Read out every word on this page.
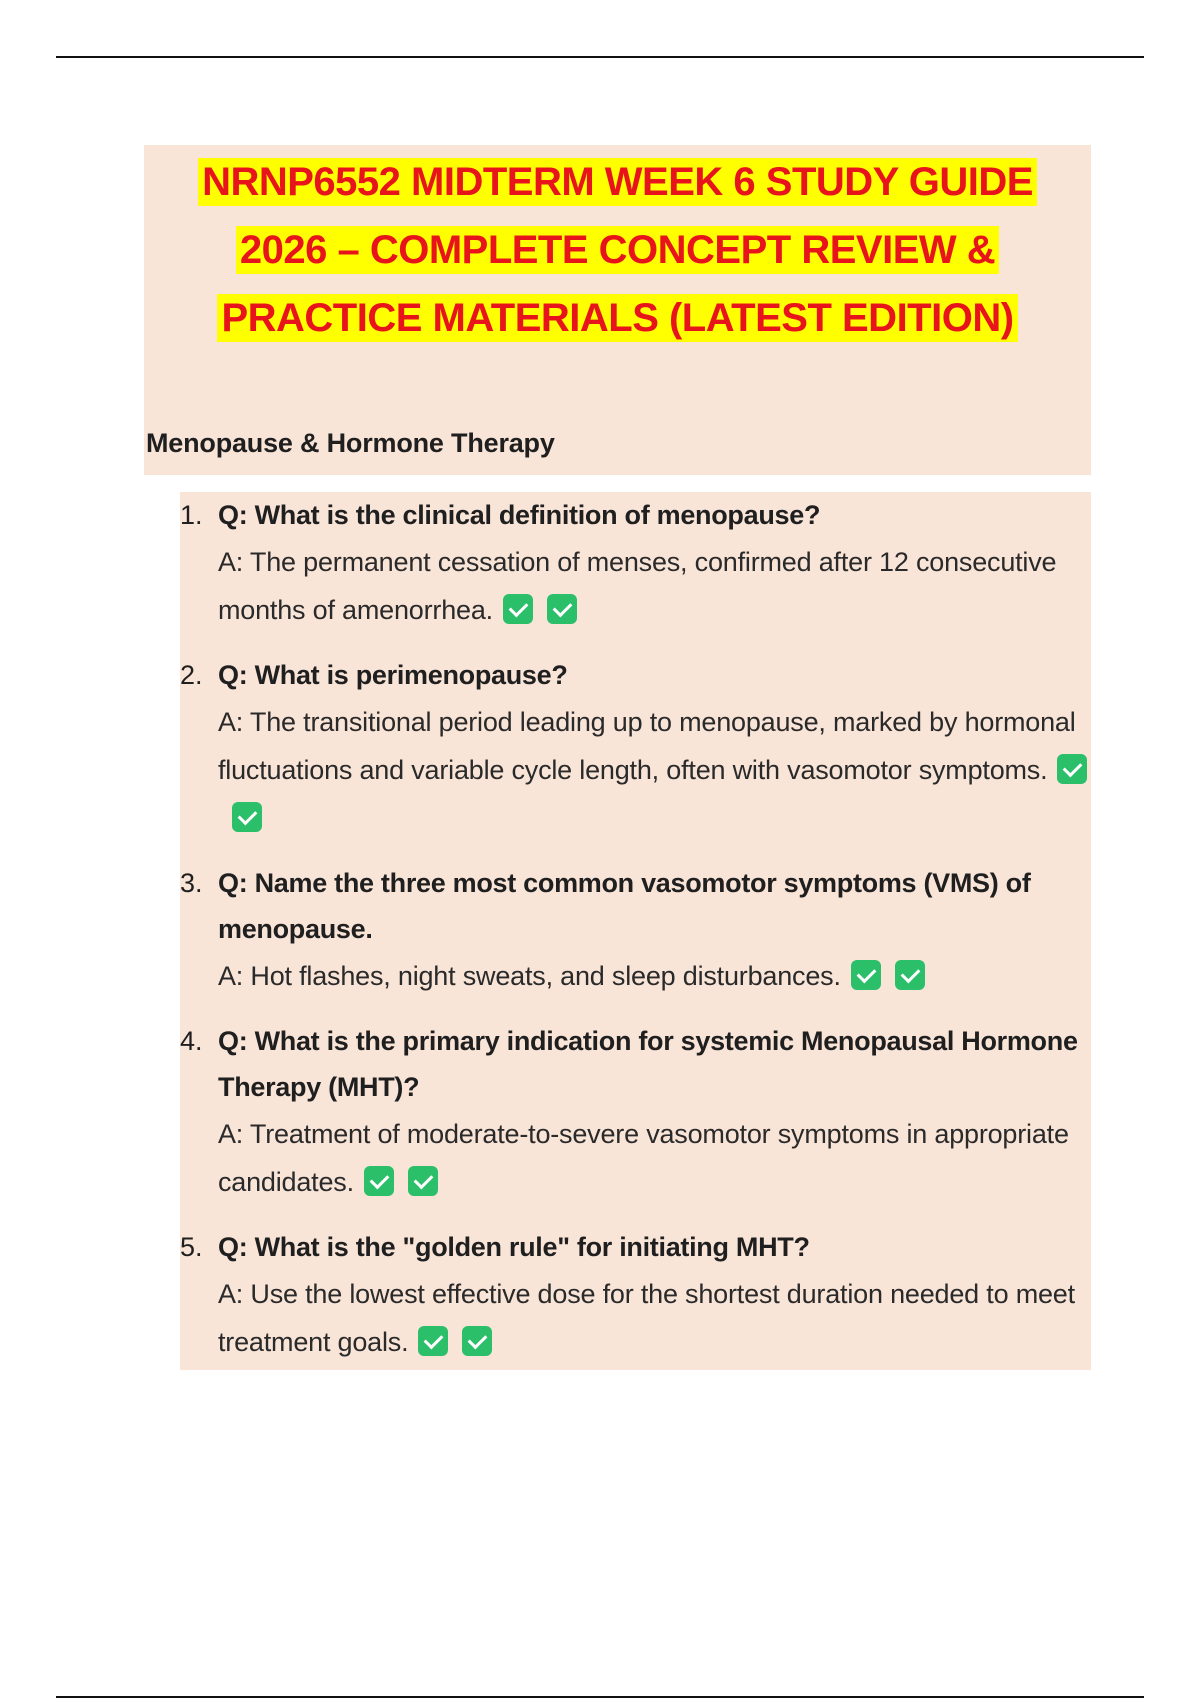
NRNP6552 MIDTERM WEEK 6 STUDY GUIDE
2026 – COMPLETE CONCEPT REVIEW &
PRACTICE MATERIALS (LATEST EDITION)
Menopause & Hormone Therapy
1. Q: What is the clinical definition of menopause?
A: The permanent cessation of menses, confirmed after 12 consecutive months of amenorrhea.
2. Q: What is perimenopause?
A: The transitional period leading up to menopause, marked by hormonal fluctuations and variable cycle length, often with vasomotor symptoms.
3. Q: Name the three most common vasomotor symptoms (VMS) of menopause.
A: Hot flashes, night sweats, and sleep disturbances.
4. Q: What is the primary indication for systemic Menopausal Hormone Therapy (MHT)?
A: Treatment of moderate-to-severe vasomotor symptoms in appropriate candidates.
5. Q: What is the "golden rule" for initiating MHT?
A: Use the lowest effective dose for the shortest duration needed to meet treatment goals.
